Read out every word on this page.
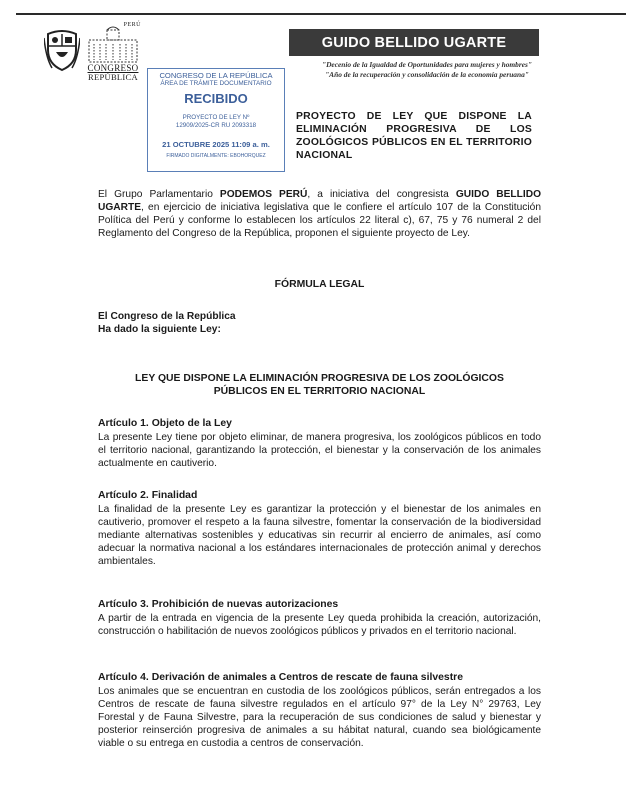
PERÚ
CONGRESO
REPÚBLICA
GUIDO BELLIDO UGARTE
"Decenio de la Igualdad de Oportunidades para mujeres y hombres"
"Año de la recuperación y consolidación de la economía peruana"
CONGRESO DE LA REPÚBLICA
ÁREA DE TRÁMITE DOCUMENTARIO
RECIBIDO
PROYECTO DE LEY Nº
12909/2025-CR RU 2093318
21 OCTUBRE 2025 11:09 a. m.
FIRMADO DIGITALMENTE: EBOHORQUEZ
PROYECTO DE LEY QUE DISPONE LA ELIMINACIÓN PROGRESIVA DE LOS ZOOLÓGICOS PÚBLICOS EN EL TERRITORIO NACIONAL
El Grupo Parlamentario PODEMOS PERÚ, a iniciativa del congresista GUIDO BELLIDO UGARTE, en ejercicio de iniciativa legislativa que le confiere el artículo 107 de la Constitución Política del Perú y conforme lo establecen los artículos 22 literal c), 67, 75 y 76 numeral 2 del Reglamento del Congreso de la República, proponen el siguiente proyecto de Ley.
FÓRMULA LEGAL
El Congreso de la República
Ha dado la siguiente Ley:
LEY QUE DISPONE LA ELIMINACIÓN PROGRESIVA DE LOS ZOOLÓGICOS
PÚBLICOS EN EL TERRITORIO NACIONAL
Artículo 1. Objeto de la Ley
La presente Ley tiene por objeto eliminar, de manera progresiva, los zoológicos públicos en todo el territorio nacional, garantizando la protección, el bienestar y la conservación de los animales actualmente en cautiverio.
Artículo 2. Finalidad
La finalidad de la presente Ley es garantizar la protección y el bienestar de los animales en cautiverio, promover el respeto a la fauna silvestre, fomentar la conservación de la biodiversidad mediante alternativas sostenibles y educativas sin recurrir al encierro de animales, así como adecuar la normativa nacional a los estándares internacionales de protección animal y derechos ambientales.
Artículo 3. Prohibición de nuevas autorizaciones
A partir de la entrada en vigencia de la presente Ley queda prohibida la creación, autorización, construcción o habilitación de nuevos zoológicos públicos y privados en el territorio nacional.
Artículo 4. Derivación de animales a Centros de rescate de fauna silvestre
Los animales que se encuentran en custodia de los zoológicos públicos, serán entregados a los Centros de rescate de fauna silvestre regulados en el artículo 97° de la Ley N° 29763, Ley Forestal y de Fauna Silvestre, para la recuperación de sus condiciones de salud y bienestar y posterior reinserción progresiva de animales a su hábitat natural, cuando sea biológicamente viable o su entrega en custodia a centros de conservación.
